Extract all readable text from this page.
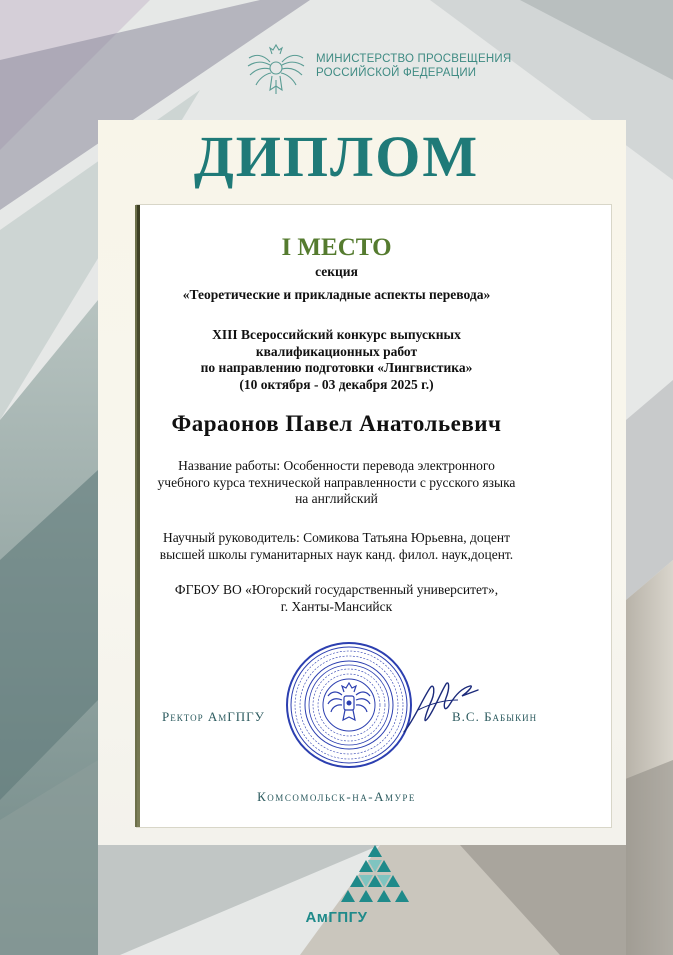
МИНИСТЕРСТВО ПРОСВЕЩЕНИЯ
РОССИЙСКОЙ ФЕДЕРАЦИИ
ДИПЛОМ
I МЕСТО
секция
«Теоретические и прикладные аспекты перевода»
XIII Всероссийский конкурс выпускных
квалификационных работ
по направлению подготовки «Лингвистика»
(10 октября - 03 декабря 2025 г.)
Фараонов Павел Анатольевич
Название работы: Особенности перевода электронного
учебного курса технической направленности с русского языка
на английский
Научный руководитель: Сомикова Татьяна Юрьевна, доцент
высшей школы гуманитарных наук канд. филол. наук,доцент.
ФГБОУ ВО «Югорский государственный университет»,
г. Ханты-Мансийск
Ректор АмГПГУ	В.С. Бабыкин
Комсомольск-на-Амуре
АмГПГУ
